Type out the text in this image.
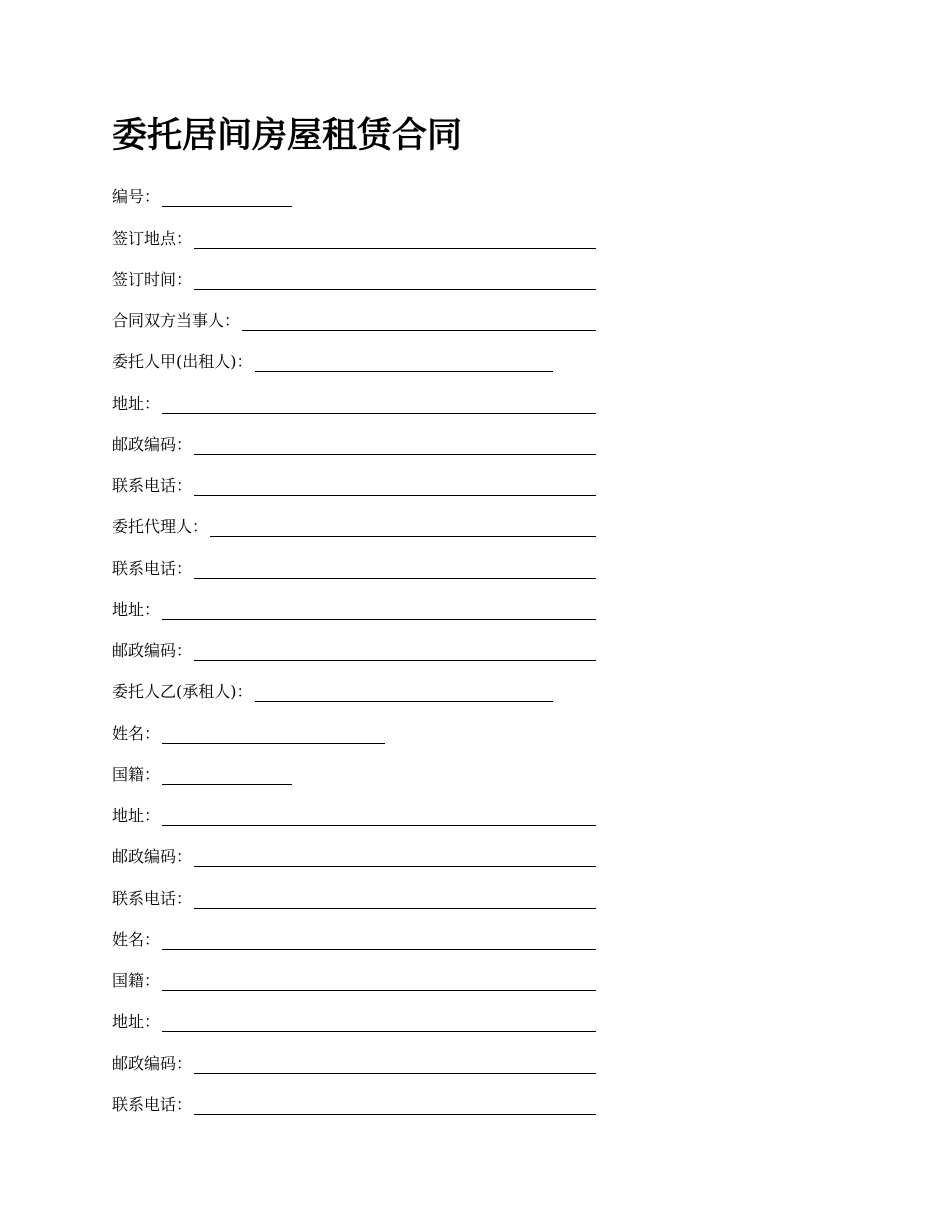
委托居间房屋租赁合同
编号：
签订地点：
签订时间：
合同双方当事人：
委托人甲(出租人)：
地址：
邮政编码：
联系电话：
委托代理人：
联系电话：
地址：
邮政编码：
委托人乙(承租人)：
姓名：
国籍：
地址：
邮政编码：
联系电话：
姓名：
国籍：
地址：
邮政编码：
联系电话：
